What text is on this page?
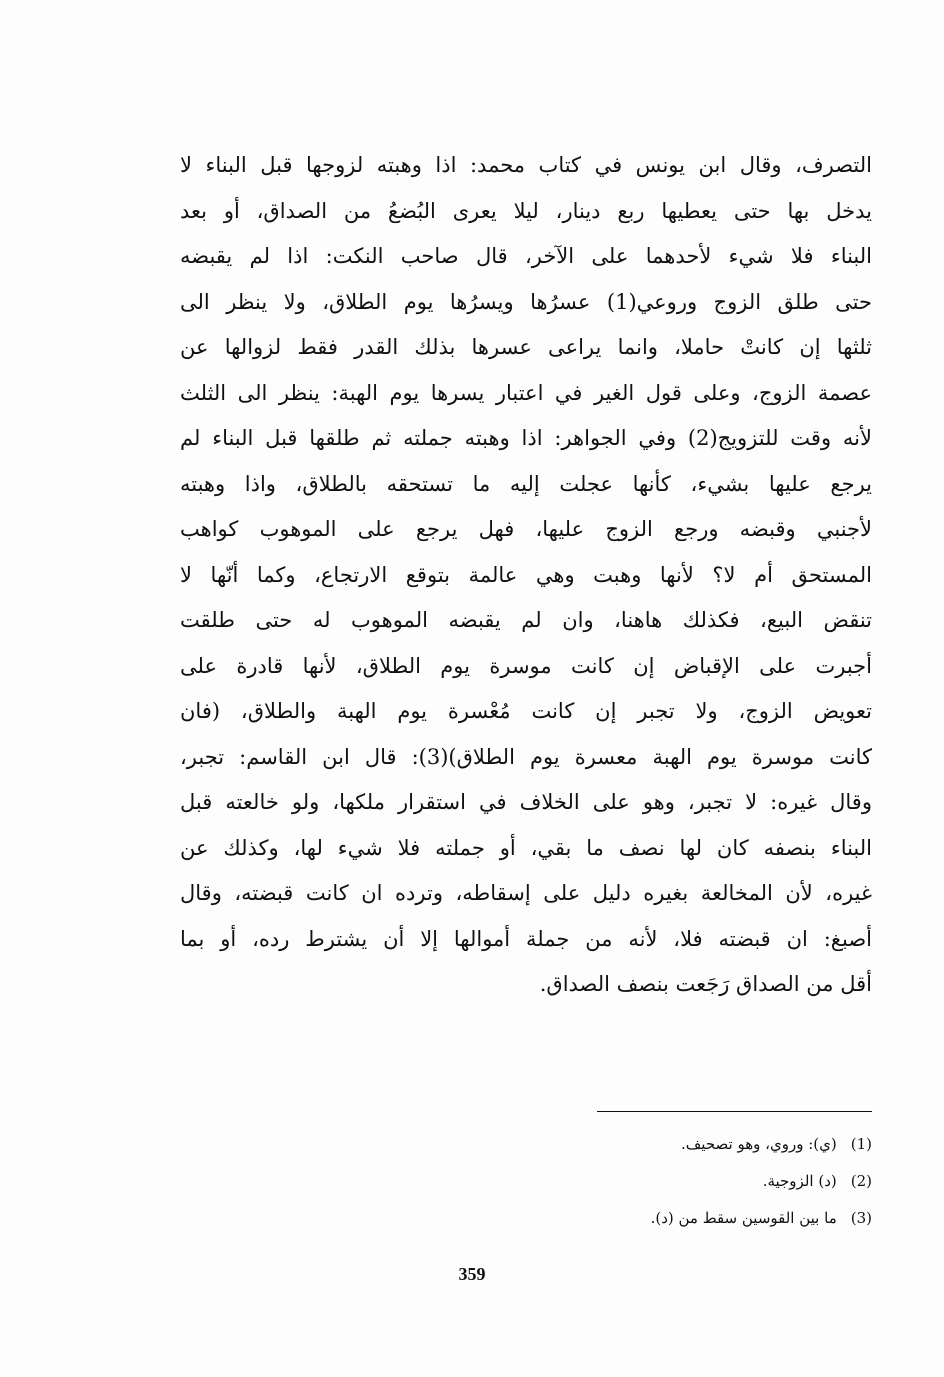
التصرف، وقال ابن يونس في كتاب محمد: اذا وهبته لزوجها قبل البناء لا
يدخل بها حتى يعطيها ربع دينار، ليلا يعرى البُضعُ من الصداق، أو بعد
البناء فلا شيء لأحدهما على الآخر، قال صاحب النكت: اذا لم يقبضه
حتى طلق الزوج وروعي(1) عسرُها ويسرُها يوم الطلاق، ولا ينظر الى
ثلثها إن كانتْ حاملا، وانما يراعى عسرها بذلك القدر فقط لزوالها عن
عصمة الزوج، وعلى قول الغير في اعتبار يسرها يوم الهبة: ينظر الى الثلث
لأنه وقت للتزويج(2) وفي الجواهر: اذا وهبته جملته ثم طلقها قبل البناء لم
يرجع عليها بشيء، كأنها عجلت إليه ما تستحقه بالطلاق، واذا وهبته
لأجنبي وقبضه ورجع الزوج عليها، فهل يرجع على الموهوب كواهب
المستحق أم لا؟ لأنها وهبت وهي عالمة بتوقع الارتجاع، وكما أنّها لا
تنقض البيع، فكذلك هاهنا، وان لم يقبضه الموهوب له حتى طلقت
أجبرت على الإقباض إن كانت موسرة يوم الطلاق، لأنها قادرة على
تعويض الزوج، ولا تجبر إن كانت مُعْسرة يوم الهبة والطلاق، (فان
كانت موسرة يوم الهبة معسرة يوم الطلاق)(3): قال ابن القاسم: تجبر،
وقال غيره: لا تجبر، وهو على الخلاف في استقرار ملكها، ولو خالعته قبل
البناء بنصفه كان لها نصف ما بقي، أو جملته فلا شيء لها، وكذلك عن
غيره، لأن المخالعة بغيره دليل على إسقاطه، وترده ان كانت قبضته، وقال
أصبغ: ان قبضته فلا، لأنه من جملة أموالها إلا أن يشترط رده، أو بما
أقل من الصداق رَجَعت بنصف الصداق.
(1)(ي): وروي، وهو تصحيف.
(2)(د) الزوجية.
(3)ما بين القوسين سقط من (د).
359
